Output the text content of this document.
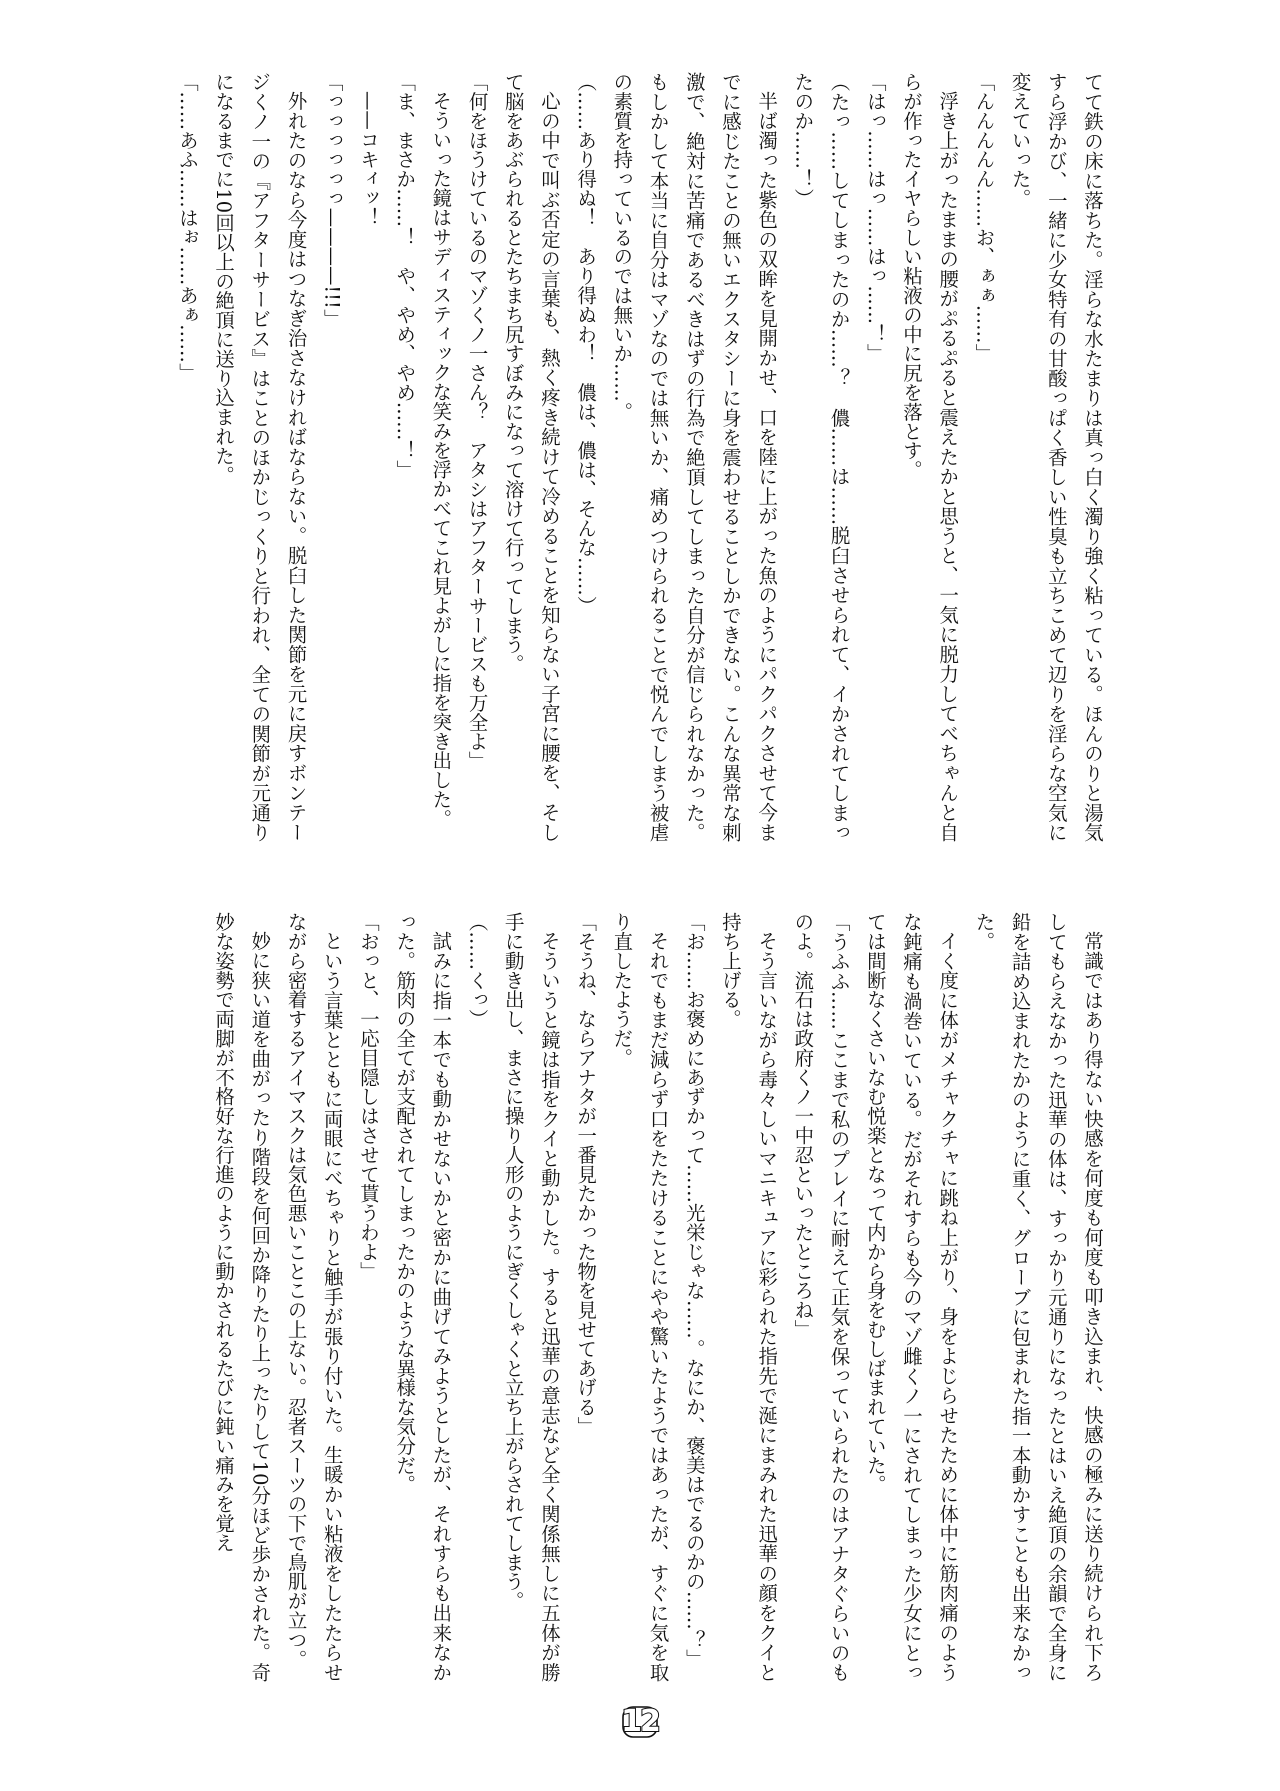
てて鉄の床に落ちた。淫らな水たまりは真っ白く濁り強く粘っている。ほんのりと湯気すら浮かび、一緒に少女特有の甘酸っぱく香しい性臭も立ちこめて辺りを淫らな空気に変えていった。

「んんんんん……お、ぁぁ……」

浮き上がったままの腰がぷるぷると震えたかと思うと、一気に脱力してべちゃんと自らが作ったイヤらしい粘液の中に尻を落とす。

「はっ……はっ……はっ……！」

（たっ……してしまったのか……？　儂……は……脱臼させられて、イかされてしまったのか……！）

半ば濁った紫色の双眸を見開かせ、口を陸に上がった魚のようにパクパクさせて今までに感じたことの無いエクスタシーに身を震わせることしかできない。こんな異常な刺激で、絶対に苦痛であるべきはずの行為で絶頂してしまった自分が信じられなかった。もしかして本当に自分はマゾなのでは無いか、痛めつけられることで悦んでしまう被虐の素質を持っているのでは無いか……。

（……あり得ぬ！　あり得ぬわ！　儂は、儂は、そんな……）

心の中で叫ぶ否定の言葉も、熱く疼き続けて冷めることを知らない子宮に腰を、そして脳をあぶられるとたちまち尻すぼみになって溶けて行ってしまう。

「何をほうけているのマゾくノ一さん？　アタシはアフターサービスも万全よ」

そういった鏡はサディスティックな笑みを浮かべてこれ見よがしに指を突き出した。

「ま、まさか……！　や、やめ、やめ……！」

——コキィッ！

「っっっっっっ————!!!」

外れたのなら今度はつなぎ治さなければならない。脱臼した関節を元に戻すボンテージくノ一の『アフターサービス』はことのほかじっくりと行われ、全ての関節が元通りになるまでに10回以上の絶頂に送り込まれた。

「……あふ……はぉ……あぁ……」

常識ではあり得ない快感を何度も何度も叩き込まれ、快感の極みに送り続けられ下ろしてもらえなかった迅華の体は、すっかり元通りになったとはいえ絶頂の余韻で全身に鉛を詰め込まれたかのように重く、グローブに包まれた指一本動かすことも出来なかった。

イく度に体がメチャクチャに跳ね上がり、身をよじらせたために体中に筋肉痛のような鈍痛も渦巻いている。だがそれすらも今のマゾ雌くノ一にされてしまった少女にとっては間断なくさいなむ悦楽となって内から身をむしばまれていた。

「うふふ……ここまで私のプレイに耐えて正気を保っていられたのはアナタぐらいのものよ。流石は政府くノ一中忍といったところね」

そう言いながら毒々しいマニキュアに彩られた指先で涎にまみれた迅華の顔をクイと持ち上げる。

「お……お褒めにあずかって……光栄じゃな……。なにか、褒美はでるのかの……？」

それでもまだ減らず口をたたけることにやや驚いたようではあったが、すぐに気を取り直したようだ。

「そうね、ならアナタが一番見たかった物を見せてあげる」

そういうと鏡は指をクイと動かした。すると迅華の意志など全く関係無しに五体が勝手に動き出し、まさに操り人形のようにぎくしゃくと立ち上がらされてしまう。

（……くっ）

試みに指一本でも動かせないかと密かに曲げてみようとしたが、それすらも出来なかった。筋肉の全てが支配されてしまったかのような異様な気分だ。

「おっと、一応目隠しはさせて貰うわよ」

という言葉とともに両眼にべちゃりと触手が張り付いた。生暖かい粘液をしたたらせながら密着するアイマスクは気色悪いことこの上ない。忍者スーツの下で鳥肌が立つ。

妙に狭い道を曲がったり階段を何回か降りたり上ったりして10分ほど歩かされた。奇妙な姿勢で両脚が不格好な行進のように動かされるたびに鈍い痛みを覚え

12
